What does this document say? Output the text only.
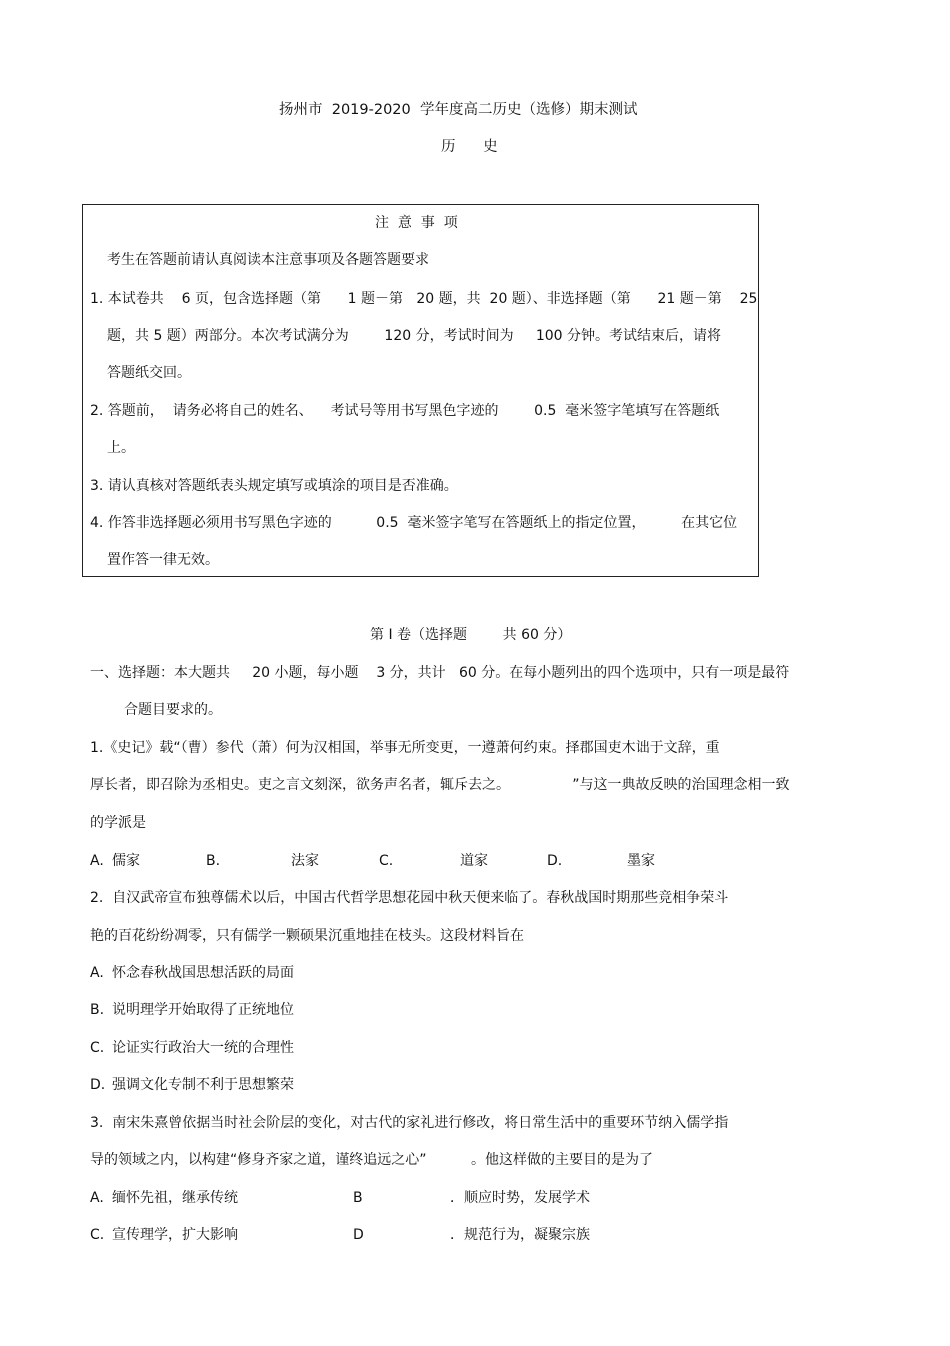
扬州市  2019-2020  学年度高二历史（选修）期末测试
历      史
注  意  事  项
考生在答题前请认真阅读本注意事项及各题答题要求
1. 本试卷共    6 页，包含选择题（第      1 题－第   20 题，共  20 题）、非选择题（第      21 题－第    25
题，共 5 题）两部分。本次考试满分为        120 分，考试时间为     100 分钟。考试结束后，请将
答题纸交回。
2. 答题前，  请务必将自己的姓名、    考试号等用书写黑色字迹的        0.5  毫米签字笔填写在答题纸
上。
3. 请认真核对答题纸表头规定填写或填涂的项目是否准确。
4. 作答非选择题必须用书写黑色字迹的          0.5  毫米签字笔写在答题纸上的指定位置，        在其它位
置作答一律无效。
第 I 卷（选择题        共 60 分）
一、选择题：本大题共     20 小题，每小题    3 分，共计   60 分。在每小题列出的四个选项中，只有一项是最符
合题目要求的。
1.《史记》载“（曹）参代（萧）何为汉相国，举事无所变更，一遵萧何约束。择郡国吏木诎于文辞，重
厚长者，即召除为丞相史。吏之言文刻深，欲务声名者，辄斥去之。              ”与这一典故反映的治国理念相一致
的学派是
A. 儒家	B.	法家	C.	道家	D.	墨家
2.  自汉武帝宣布独尊儒术以后，中国古代哲学思想花园中秋天便来临了。春秋战国时期那些竞相争荣斗
艳的百花纷纷凋零，只有儒学一颗硕果沉重地挂在枝头。这段材料旨在
A. 怀念春秋战国思想活跃的局面
B. 说明理学开始取得了正统地位
C. 论证实行政治大一统的合理性
D. 强调文化专制不利于思想繁荣
3.  南宋朱熹曾依据当时社会阶层的变化，对古代的家礼进行修改，将日常生活中的重要环节纳入儒学指
导的领域之内，以构建“修身齐家之道，谨终追远之心”          。他这样做的主要目的是为了
A. 缅怀先祖，继承传统	B	．顺应时势，发展学术
C. 宣传理学，扩大影响	D	．规范行为，凝聚宗族
